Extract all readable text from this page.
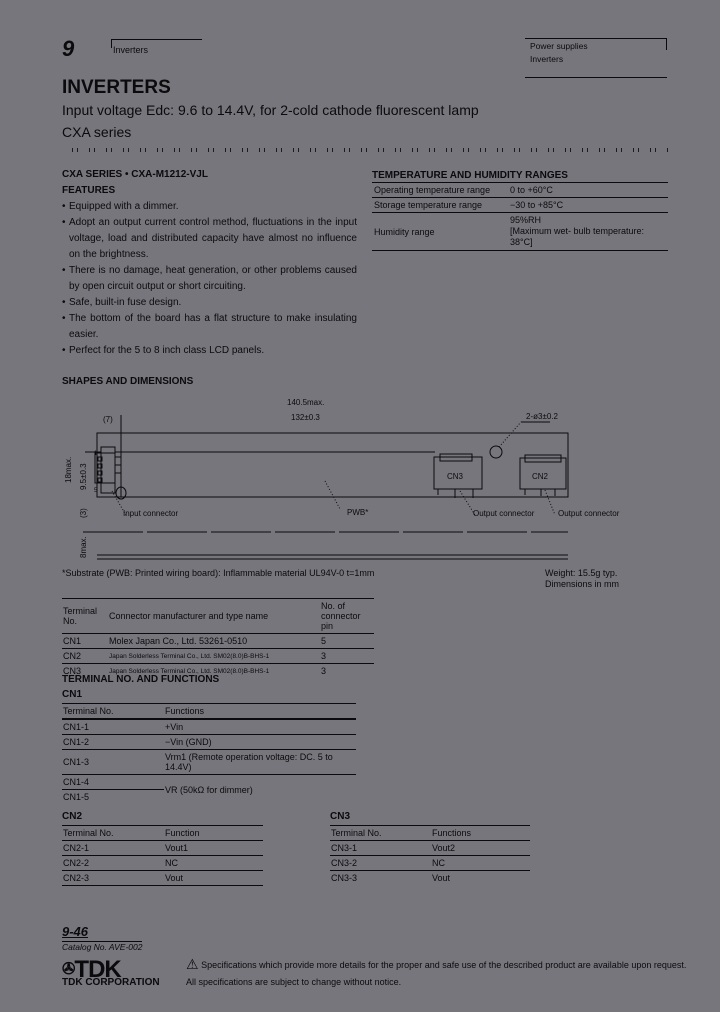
9	Inverters	Power supplies
Inverters
INVERTERS
Input voltage Edc: 9.6 to 14.4V, for 2-cold cathode fluorescent lamp
CXA series
CXA SERIES • CXA-M1212-VJL
FEATURES
• Equipped with a dimmer.
• Adopt an output current control method, fluctuations in the input voltage, load and distributed capacity have almost no influence on the brightness.
• There is no damage, heat generation, or other problems caused by open circuit output or short circuiting.
• Safe, built-in fuse design.
• The bottom of the board has a flat structure to make insulating easier.
• Perfect for the 5 to 8 inch class LCD panels.
TEMPERATURE AND HUMIDITY RANGES
Operating temperature range	0 to +60°C
Storage temperature range	−30 to +85°C
Humidity range	95%RH
[Maximum wet- bulb temperature: 38°C]
SHAPES AND DIMENSIONS
140.5max.
132±0.3
(7)	2-ø3±0.2
Input connector	PWB*	Output connector	Output connector
CN3	CN2
1
5
18max. 9.5±0.3
(3)
8max.
*Substrate (PWB: Printed wiring board): Inflammable material UL94V-0 t=1mm	Weight: 15.5g typ.
Dimensions in mm
Terminal No.	Connector manufacturer and type name	No. of connector pin
CN1	Molex Japan Co., Ltd. 53261-0510	5
CN2	Japan Solderless Terminal Co., Ltd. SM02(8.0)B-BHS-1	3
CN3	Japan Solderless Terminal Co., Ltd. SM02(8.0)B-BHS-1	3
TERMINAL NO. AND FUNCTIONS
CN1
Terminal No.	Functions
CN1-1	+Vin
CN1-2	−Vin (GND)
CN1-3	Vrm1 (Remote operation voltage: DC. 5 to 14.4V)
CN1-4	VR (50kΩ for dimmer)
CN1-5	
CN2
Terminal No.	Function
CN2-1	Vout1
CN2-2	NC
CN2-3	Vout
CN3
Terminal No.	Functions
CN3-1	Vout2
CN3-2	NC
CN3-3	Vout
9-46
Catalog No. AVE-002
✇TDK
TDK CORPORATION
⚠ Specifications which provide more details for the proper and safe use of the described product are available upon request.
All specifications are subject to change without notice.
